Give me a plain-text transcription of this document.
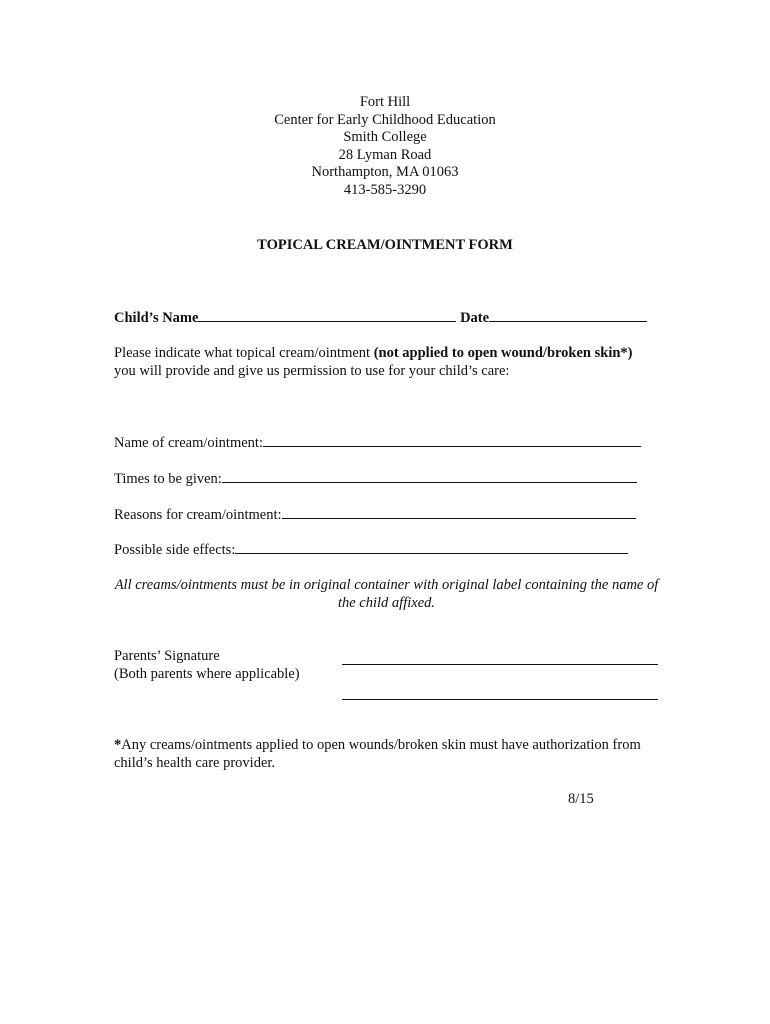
Fort Hill
Center for Early Childhood Education
Smith College
28 Lyman Road
Northampton, MA 01063
413-585-3290
TOPICAL CREAM/OINTMENT FORM
Child’s Name	Date
Please indicate what topical cream/ointment (not applied to open wound/broken skin*) you will provide and give us permission to use for your child’s care:
Name of cream/ointment:
Times to be given:
Reasons for cream/ointment:
Possible side effects:
All creams/ointments must be in original container with original label containing the name of the child affixed.
Parents’ Signature
(Both parents where applicable)
*Any creams/ointments applied to open wounds/broken skin must have authorization from child’s health care provider.
8/15
